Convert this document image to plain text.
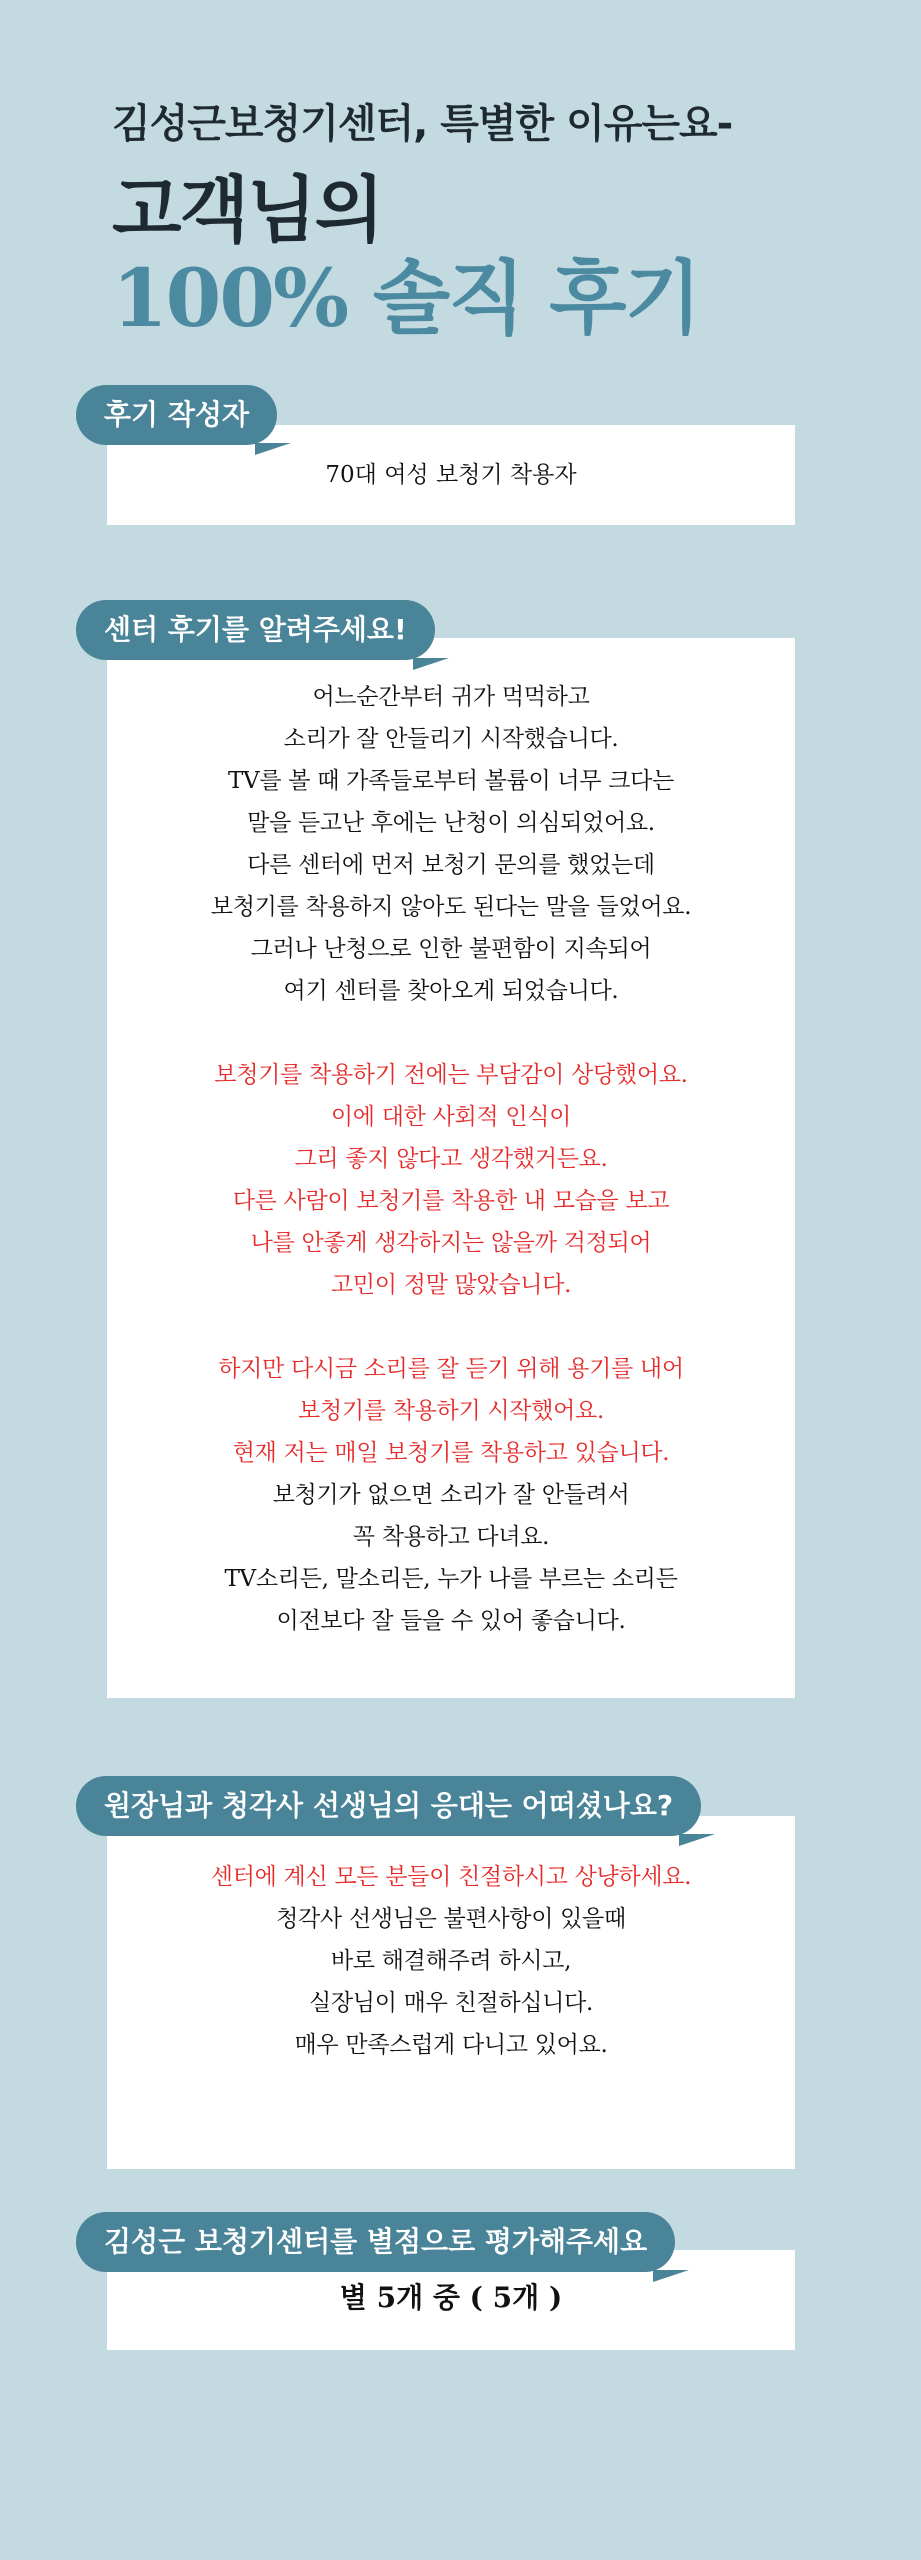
김성근보청기센터, 특별한 이유는요-
고객님의
100% 솔직 후기
후기 작성자
70대 여성 보청기 착용자
센터 후기를 알려주세요!
어느순간부터 귀가 먹먹하고
소리가 잘 안들리기 시작했습니다.
TV를 볼 때 가족들로부터 볼륨이 너무 크다는
말을 듣고난 후에는 난청이 의심되었어요.
다른 센터에 먼저 보청기 문의를 했었는데
보청기를 착용하지 않아도 된다는 말을 들었어요.
그러나 난청으로 인한 불편함이 지속되어
여기 센터를 찾아오게 되었습니다.
보청기를 착용하기 전에는 부담감이 상당했어요.
이에 대한 사회적 인식이
그리 좋지 않다고 생각했거든요.
다른 사람이 보청기를 착용한 내 모습을 보고
나를 안좋게 생각하지는 않을까 걱정되어
고민이 정말 많았습니다.
하지만 다시금 소리를 잘 듣기 위해 용기를 내어
보청기를 착용하기 시작했어요.
현재 저는 매일 보청기를 착용하고 있습니다.
보청기가 없으면 소리가 잘 안들려서
꼭 착용하고 다녀요.
TV소리든, 말소리든, 누가 나를 부르는 소리든
이전보다 잘 들을 수 있어 좋습니다.
원장님과 청각사 선생님의 응대는 어떠셨나요?
센터에 계신 모든 분들이 친절하시고 상냥하세요.
청각사 선생님은 불편사항이 있을때
바로 해결해주려 하시고,
실장님이 매우 친절하십니다.
매우 만족스럽게 다니고 있어요.
김성근 보청기센터를 별점으로 평가해주세요
별 5개 중 ( 5개 )
